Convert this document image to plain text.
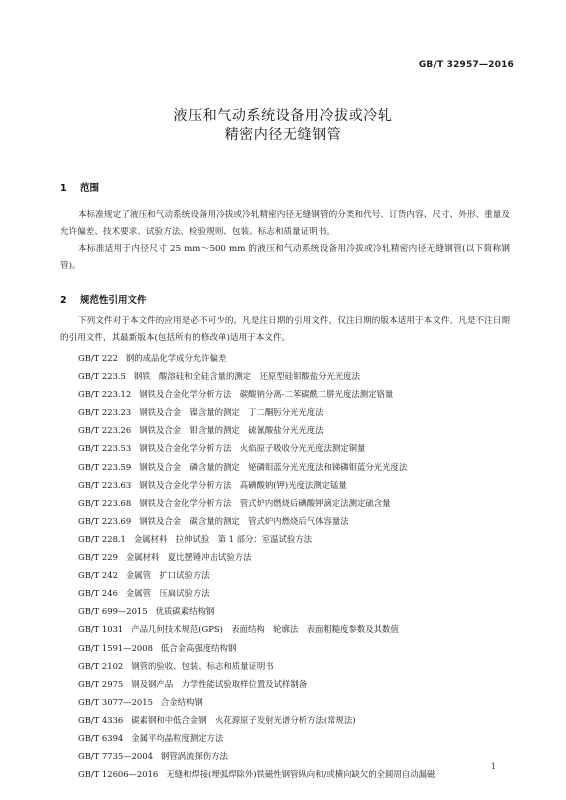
GB/T 32957—2016
液压和气动系统设备用冷拔或冷轧
精密内径无缝钢管
1 范围
本标准规定了液压和气动系统设备用冷拔或冷轧精密内径无缝钢管的分类和代号、订货内容、尺寸、外形、重量及允许偏差、技术要求、试验方法、检验规则、包装、标志和质量证明书。
本标准适用于内径尺寸 25 mm～500 mm 的液压和气动系统设备用冷拔或冷轧精密内径无缝钢管(以下简称钢管)。
2 规范性引用文件
下列文件对于本文件的应用是必不可少的。凡是注日期的引用文件，仅注日期的版本适用于本文件。凡是不注日期的引用文件，其最新版本(包括所有的修改单)适用于本文件。
GB/T 222 钢的成品化学成分允许偏差
GB/T 223.5 钢铁　酸溶硅和全硅含量的测定　还原型硅钼酸盐分光光度法
GB/T 223.12 钢铁及合金化学分析方法　碳酸钠分离-二苯碳酰二肼光度法测定铬量
GB/T 223.23 钢铁及合金　镍含量的测定　丁二酮肟分光光度法
GB/T 223.26 钢铁及合金　钼含量的测定　硫氰酸盐分光光度法
GB/T 223.53 钢铁及合金化学分析方法　火焰原子吸收分光光度法测定铜量
GB/T 223.59 钢铁及合金　磷含量的测定　铋磷钼蓝分光光度法和锑磷钼蓝分光光度法
GB/T 223.63 钢铁及合金化学分析方法　高碘酸钠(钾)光度法测定锰量
GB/T 223.68 钢铁及合金化学分析方法　管式炉内燃烧后碘酸钾滴定法测定硫含量
GB/T 223.69 钢铁及合金　碳含量的测定　管式炉内燃烧后气体容量法
GB/T 228.1 金属材料　拉伸试验　第 1 部分：室温试验方法
GB/T 229 金属材料　夏比摆锤冲击试验方法
GB/T 242 金属管　扩口试验方法
GB/T 246 金属管　压扁试验方法
GB/T 699—2015 优质碳素结构钢
GB/T 1031 产品几何技术规范(GPS)　表面结构　轮廓法　表面粗糙度参数及其数值
GB/T 1591—2008 低合金高强度结构钢
GB/T 2102 钢管的验收、包装、标志和质量证明书
GB/T 2975 钢及钢产品　力学性能试验取样位置及试样制备
GB/T 3077—2015 合金结构钢
GB/T 4336 碳素钢和中低合金钢　火花源原子发射光谱分析方法(常规法)
GB/T 6394 金属平均晶粒度测定方法
GB/T 7735—2004 钢管涡流探伤方法
GB/T 12606—2016 无缝和焊接(埋弧焊除外)铁磁性钢管纵向和/或横向缺欠的全圆周自动漏磁
1
